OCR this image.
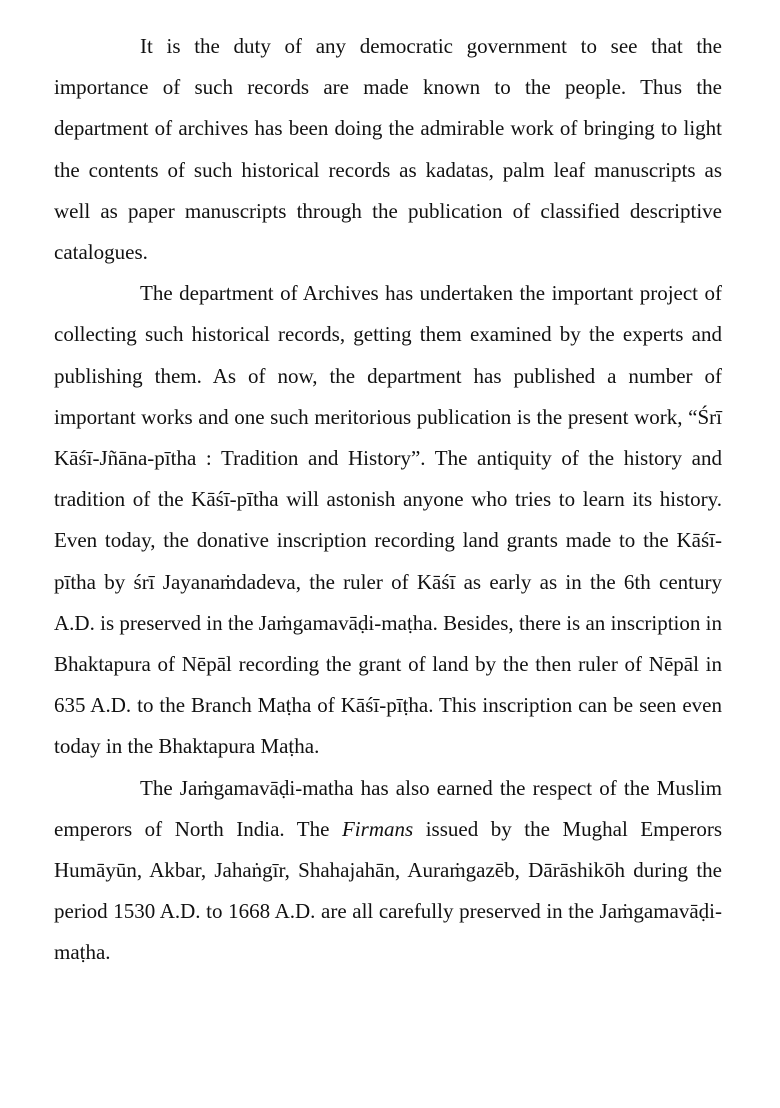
It is the duty of any democratic government to see that the importance of such records are made known to the people. Thus the department of archives has been doing the admirable work of bringing to light the contents of such historical records as kadatas, palm leaf manuscripts as well as paper manuscripts through the publication of classified descriptive catalogues.

The department of Archives has undertaken the important project of collecting such historical records, getting them examined by the experts and publishing them. As of now, the department has published a number of important works and one such meritorious publication is the present work, “Śrī Kāśī-Jñāna-pītha : Tradition and History”. The antiquity of the history and tradition of the Kāśī-pītha will astonish anyone who tries to learn its history. Even today, the donative inscription recording land grants made to the Kāśī-pītha by śrī Jayanaṁdadeva, the ruler of Kāśī as early as in the 6th century A.D. is preserved in the Jaṁgamavāḍi-maṭha. Besides, there is an inscription in Bhaktapura of Nēpāl recording the grant of land by the then ruler of Nēpāl in 635 A.D. to the Branch Maṭha of Kāśī-pīṭha. This inscription can be seen even today in the Bhaktapura Maṭha.

The Jaṁgamavāḍi-matha has also earned the respect of the Muslim emperors of North India. The Firmans issued by the Mughal Emperors Humāyūn, Akbar, Jahaṅgīr, Shahajahān, Auraṁgazēb, Dārāshikōh during the period 1530 A.D. to 1668 A.D. are all carefully preserved in the Jaṁgamavāḍi-maṭha.
